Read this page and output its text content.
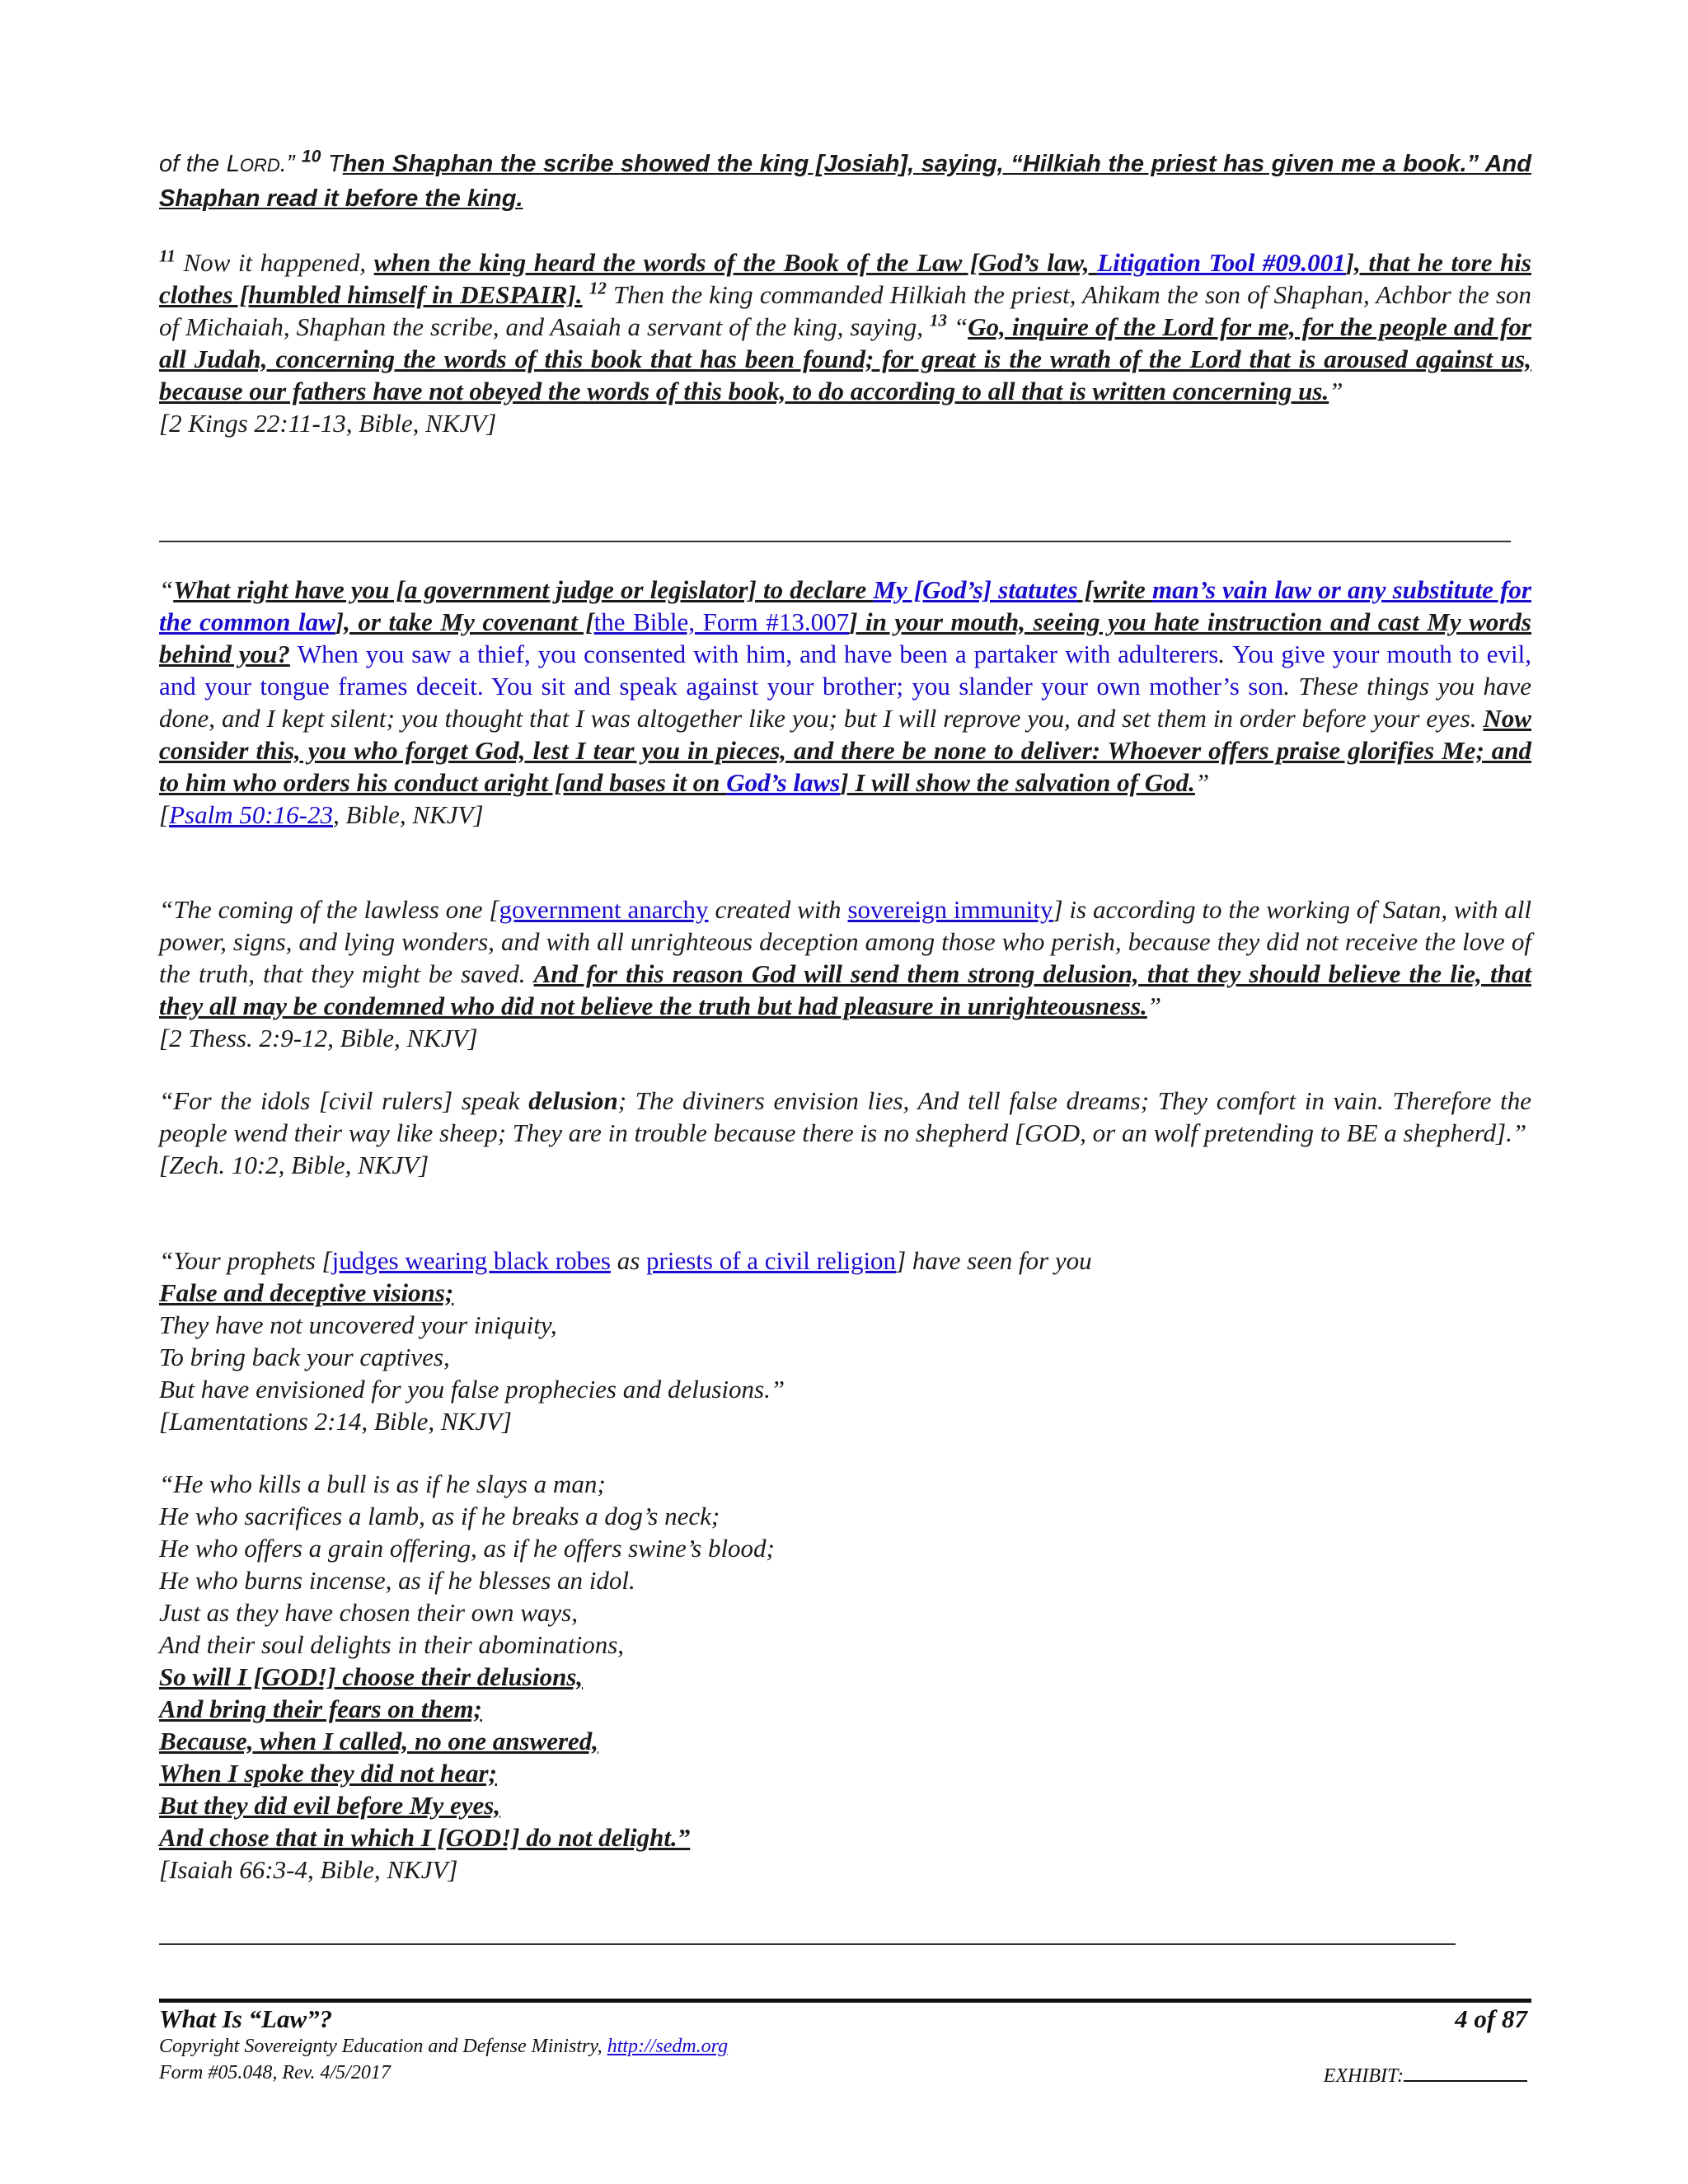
of the LORD.” $^{10}$ Then Shaphan the scribe showed the king [Josiah], saying, “Hilkiah the priest has given me a book.” And Shaphan read it before the king.

$^{11}$ Now it happened, when the king heard the words of the Book of the Law [God’s law, Litigation Tool #09.001], that he tore his clothes [humbled himself in DESPAIR]. $^{12}$ Then the king commanded Hilkiah the priest, Ahikam the son of Shaphan, Achbor the son of Michaiah, Shaphan the scribe, and Asaiah a servant of the king, saying, $^{13}$ “Go, inquire of the Lord for me, for the people and for all Judah, concerning the words of this book that has been found; for great is the wrath of the Lord that is aroused against us, because our fathers have not obeyed the words of this book, to do according to all that is written concerning us.”

[2 Kings 22:11-13, Bible, NKJV]

“What right have you [a government judge or legislator] to declare My [God’s] statutes [write man’s vain law or any substitute for the common law], or take My covenant [the Bible, Form #13.007] in your mouth, seeing you hate instruction and cast My words behind you? When you saw a thief, you consented with him, and have been a partaker with adulterers. You give your mouth to evil, and your tongue frames deceit. You sit and speak against your brother; you slander your own mother’s son. These things you have done, and I kept silent; you thought that I was altogether like you; but I will reprove you, and set them in order before your eyes. Now consider this, you who forget God, lest I tear you in pieces, and there be none to deliver: Whoever offers praise glorifies Me; and to him who orders his conduct aright [and bases it on God’s laws] I will show the salvation of God.”

[Psalm 50:16-23, Bible, NKJV]

“The coming of the lawless one [government anarchy created with sovereign immunity] is according to the working of Satan, with all power, signs, and lying wonders, and with all unrighteous deception among those who perish, because they did not receive the love of the truth, that they might be saved. And for this reason God will send them strong delusion, that they should believe the lie, that they all may be condemned who did not believe the truth but had pleasure in unrighteousness.”

[2 Thess. 2:9-12, Bible, NKJV]

“For the idols [civil rulers] speak delusion; The diviners envision lies, And tell false dreams; They comfort in vain. Therefore the people wend their way like sheep; They are in trouble because there is no shepherd [GOD, or an wolf pretending to BE a shepherd].”

[Zech. 10:2, Bible, NKJV]

“Your prophets [judges wearing black robes as priests of a civil religion] have seen for you

False and deceptive visions;

They have not uncovered your iniquity,

To bring back your captives,

But have envisioned for you false prophecies and delusions.”

[Lamentations 2:14, Bible, NKJV]

“He who kills a bull is as if he slays a man;

He who sacrifices a lamb, as if he breaks a dog’s neck;

He who offers a grain offering, as if he offers swine’s blood;

He who burns incense, as if he blesses an idol.

Just as they have chosen their own ways,

And their soul delights in their abominations,

So will I [GOD!] choose their delusions,

And bring their fears on them;

Because, when I called, no one answered,

When I spoke they did not hear;

But they did evil before My eyes,

And chose that in which I [GOD!] do not delight.”

[Isaiah 66:3-4, Bible, NKJV]

What Is “Law”?	4 of 87
Copyright Sovereignty Education and Defense Ministry, http://sedm.org
Form #05.048, Rev. 4/5/2017	EXHIBIT:
